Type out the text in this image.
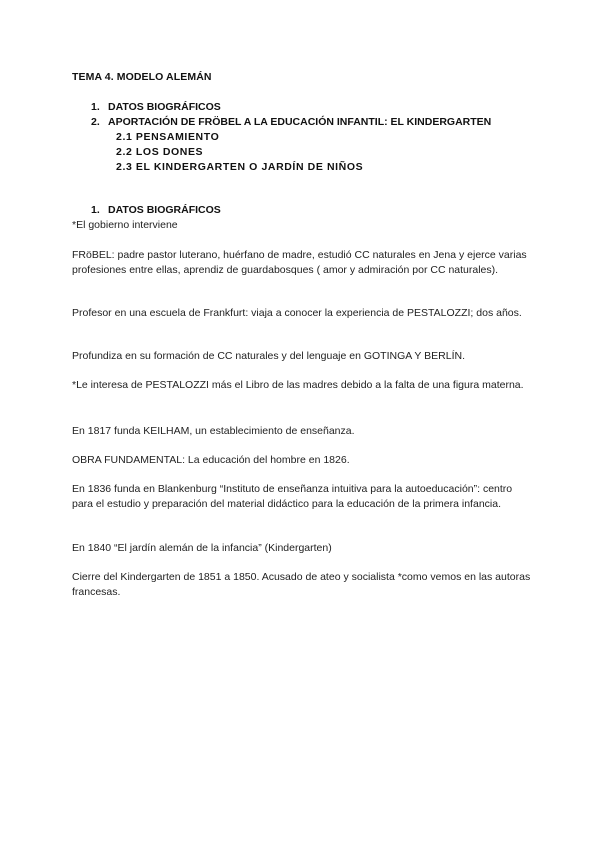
TEMA 4. MODELO ALEMÁN
1. DATOS BIOGRÁFICOS
2. APORTACIÓN DE FRÖBEL A LA EDUCACIÓN INFANTIL: EL KINDERGARTEN
2.1 PENSAMIENTO
2.2 LOS DONES
2.3 EL KINDERGARTEN O JARDÍN DE NIÑOS
1. DATOS BIOGRÁFICOS
*El gobierno interviene
FRöBEL: padre pastor luterano, huérfano de madre, estudió CC naturales en Jena y ejerce varias profesiones entre ellas, aprendiz de guardabosques ( amor y admiración por CC naturales).
Profesor en una escuela de Frankfurt: viaja a conocer la experiencia de PESTALOZZI; dos años.
Profundiza en su formación de CC naturales y del lenguaje en GOTINGA Y BERLÍN.
*Le interesa de PESTALOZZI más el Libro de las madres debido a la falta de una figura materna.
En 1817 funda KEILHAM, un establecimiento de enseñanza.
OBRA FUNDAMENTAL: La educación del hombre en 1826.
En 1836 funda en Blankenburg “Instituto de enseñanza intuitiva para la autoeducación”: centro para el estudio y preparación del material didáctico para la educación de la primera infancia.
En 1840 “El jardín alemán de la infancia” (Kindergarten)
Cierre del Kindergarten de 1851 a 1850. Acusado de ateo y socialista *como vemos en las autoras francesas.
